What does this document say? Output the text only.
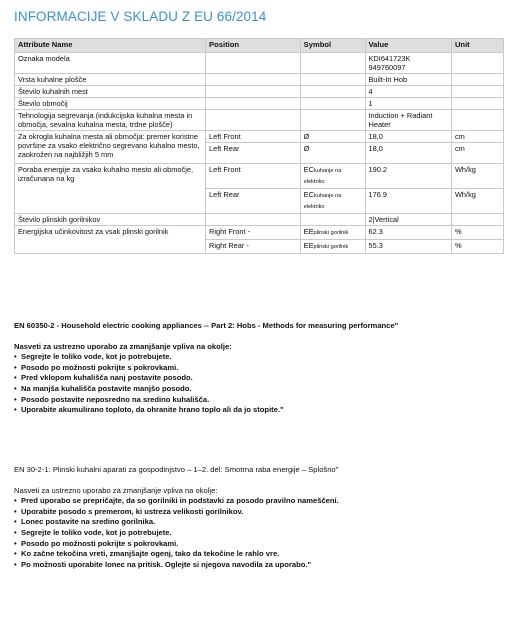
INFORMACIJE V SKLADU Z EU 66/2014
Attribute Name	Position	Symbol	Value	Unit
Oznaka modela			KDI641723K 949760097	
Vrsta kuhalne plošče			Built-In Hob	
Število kuhalnih mest			4	
Število območij			1	
Tehnologija segrevanja (indukcijska kuhalna mesta in območja, sevalna kuhalna mesta, trdne plošče)			Induction + Radiant Heater	
Za okrogla kuhalna mesta ali območja: premer koristne površine za vsako električno segrevano kuhalno mesto, zaokrožen na najbližjih 5 mm	Left Front	Ø	18,0	cm
	Left Rear	Ø	18,0	cm
Poraba energije za vsako kuhalno mesto ali območje, izračunana na kg	Left Front	ECkuhanje na elektriko	190.2	Wh/kg
	Left Rear	ECkuhanje na elektriko	176.9	Wh/kg
Število plinskih gorilnikov			2|Vertical	
Energijska učinkovitost za vsak plinski gorilnik	Right Front -	EEplinski gorilnik	62.3	%
	Right Rear -	EEplinski gorilnik	55.3	%
EN 60350-2 - Household electric cooking appliances -- Part 2: Hobs - Methods for measuring performance"
Nasveti za ustrezno uporabo za zmanjšanje vpliva na okolje:
• Segrejte le toliko vode, kot jo potrebujete.
• Posodo po možnosti pokrijte s pokrovkami.
• Pred vklopom kuhališča nanj postavite posodo.
• Na manjša kuhališča postavite manjšo posodo.
• Posodo postavite neposredno na sredino kuhališča.
• Uporabite akumulirano toploto, da ohranite hrano toplo ali da jo stopite."
EN 30-2-1: Plinski kuhalni aparati za gospodinjstvo – 1–2. del: Smotrna raba energije – Splošno"
Nasveti za ustrezno uporabo za zmanjšanje vpliva na okolje:
• Pred uporabo se prepričajte, da so gorilniki in podstavki za posodo pravilno nameščeni.
• Uporabite posodo s premerom, ki ustreza velikosti gorilnikov.
• Lonec postavite na sredino gorilnika.
• Segrejte le toliko vode, kot jo potrebujete.
• Posodo po možnosti pokrijte s pokrovkami.
• Ko začne tekočina vreti, zmanjšajte ogenj, tako da tekočine le rahlo vre.
• Po možnosti uporabite lonec na pritisk. Oglejte si njegova navodila za uporabo."
